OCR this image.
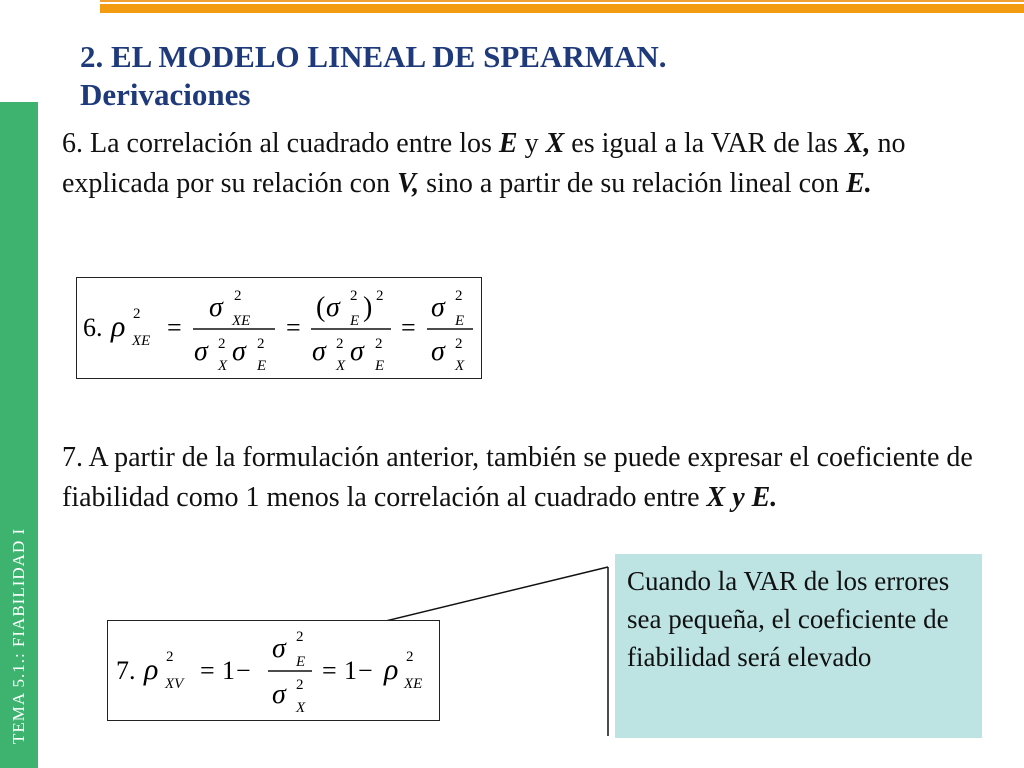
TEMA 5.1.: FIABILIDAD I
2. EL MODELO LINEAL DE SPEARMAN.
Derivaciones
6. La correlación al cuadrado entre los E y X es igual a la VAR de las X, no explicada por su relación con V, sino a partir de su relación lineal con E.
6. ρ 2
XE =
σ 2
XE
σ 2
X σ 2
E
=
( σ 2
E ) 2
σ 2
X σ 2
E
=
σ 2
E
σ 2
X
7. A partir de la formulación anterior, también se puede expresar el coeficiente de fiabilidad como 1 menos la correlación al cuadrado entre X y E.
7. ρ 2
XV = 1 −
σ 2
E
σ 2
X
= 1 − ρ 2
XE
Cuando la VAR de los errores sea pequeña, el coeficiente de fiabilidad será elevado
